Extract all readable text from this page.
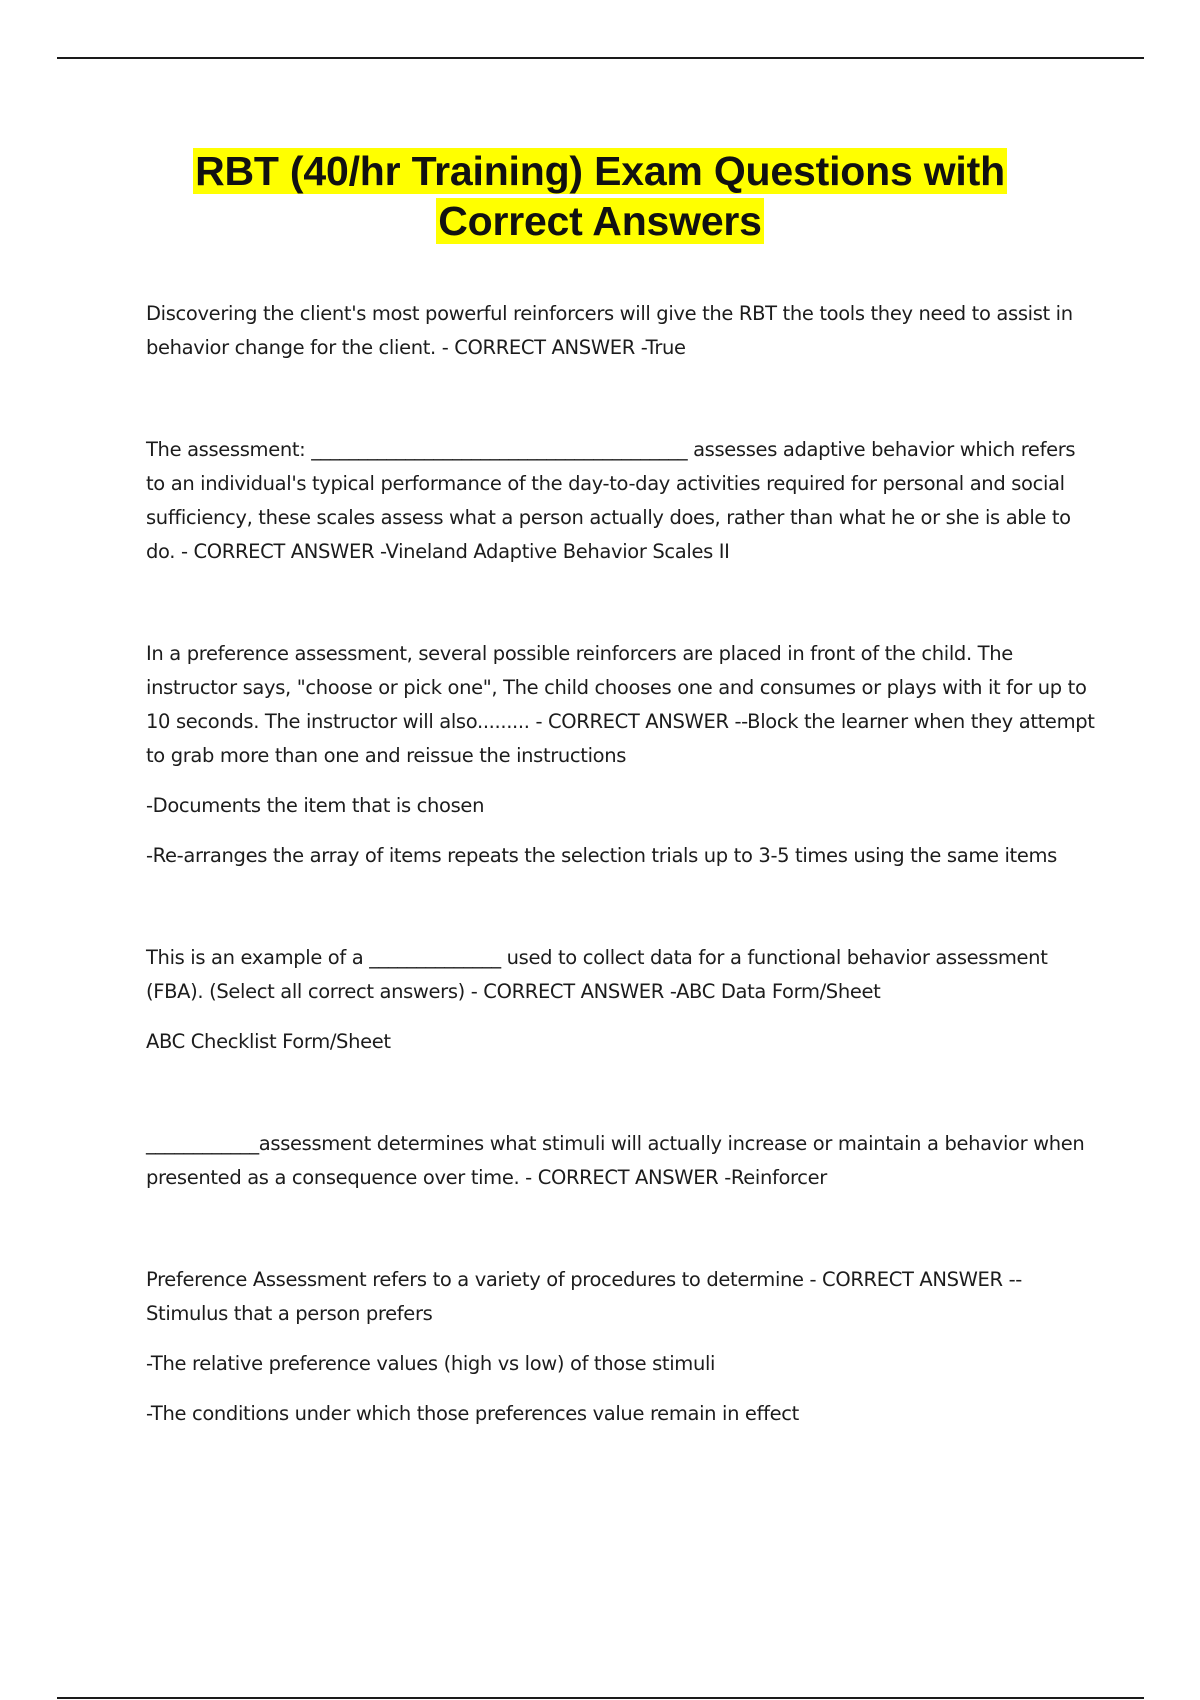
RBT (40/hr Training) Exam Questions with
Correct Answers

Discovering the client's most powerful reinforcers will give the RBT the tools they need to assist in behavior change for the client. - CORRECT ANSWER -True

The assessment: ________________________________________ assesses adaptive behavior which refers to an individual's typical performance of the day-to-day activities required for personal and social sufficiency, these scales assess what a person actually does, rather than what he or she is able to do. - CORRECT ANSWER -Vineland Adaptive Behavior Scales II

In a preference assessment, several possible reinforcers are placed in front of the child. The instructor says, "choose or pick one", The child chooses one and consumes or plays with it for up to 10 seconds. The instructor will also......... - CORRECT ANSWER --Block the learner when they attempt to grab more than one and reissue the instructions

-Documents the item that is chosen

-Re-arranges the array of items repeats the selection trials up to 3-5 times using the same items

This is an example of a ______________ used to collect data for a functional behavior assessment (FBA). (Select all correct answers) - CORRECT ANSWER -ABC Data Form/Sheet

ABC Checklist Form/Sheet

____________assessment determines what stimuli will actually increase or maintain a behavior when presented as a consequence over time. - CORRECT ANSWER -Reinforcer

Preference Assessment refers to a variety of procedures to determine - CORRECT ANSWER --Stimulus that a person prefers

-The relative preference values (high vs low) of those stimuli

-The conditions under which those preferences value remain in effect
